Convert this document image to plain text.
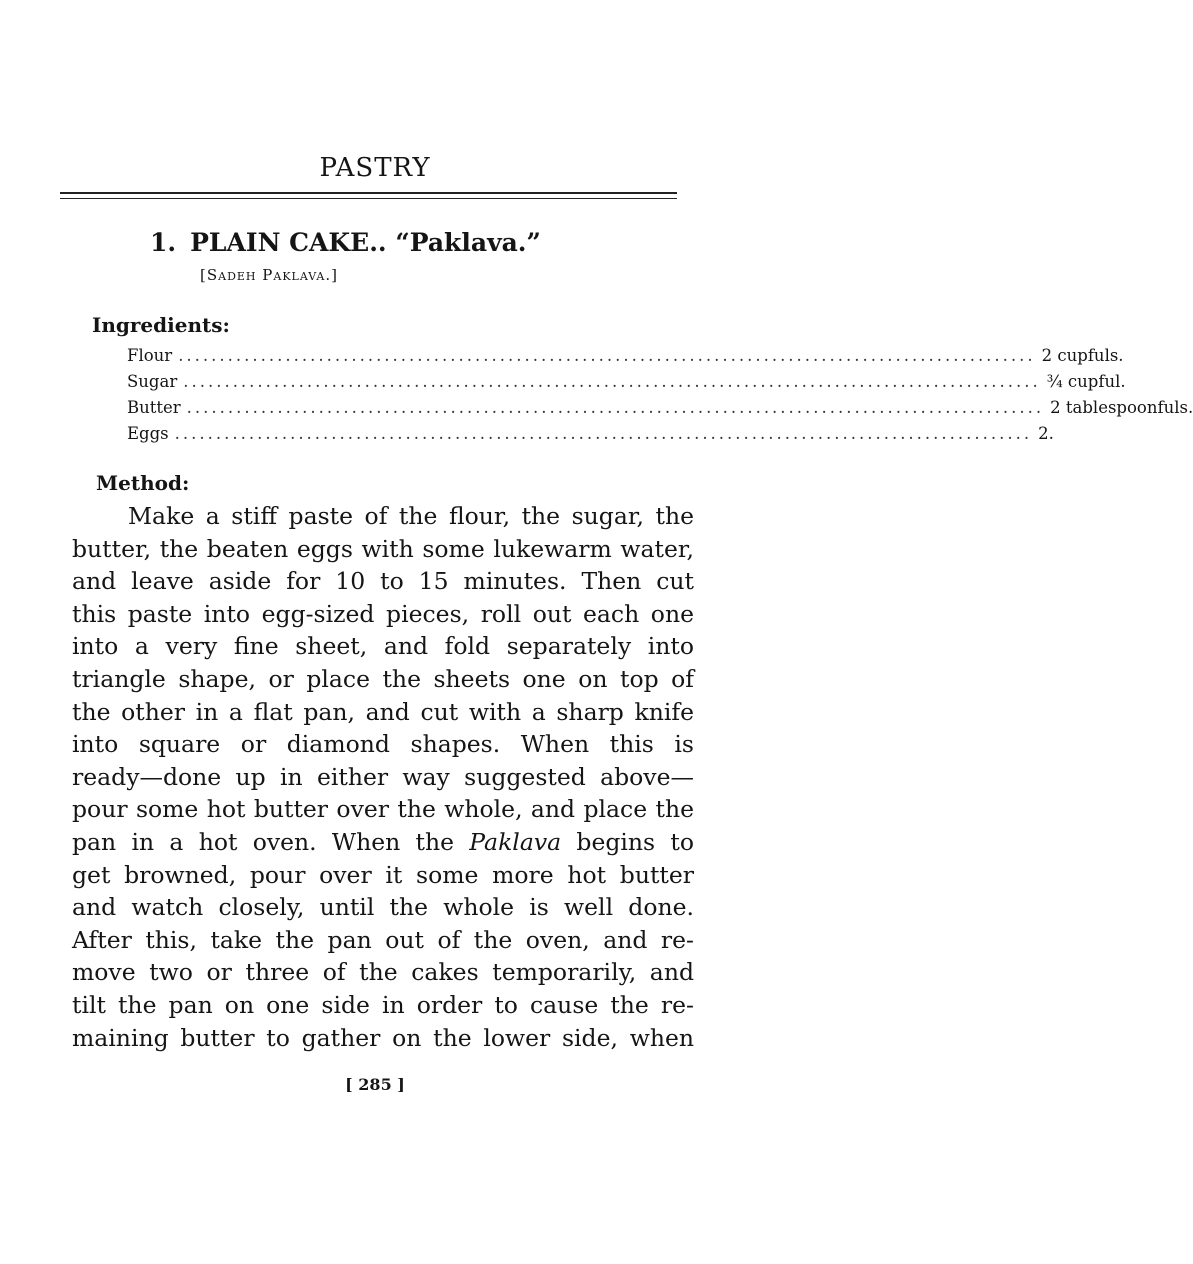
PASTRY
1. PLAIN CAKE.. “Paklava.”
[Sadeh Paklava.]
Ingredients:
Flour ........................................................................................................ 2 cupfuls.
Sugar ........................................................................................................ ¾ cupful.
Butter ........................................................................................................ 2 tablespoonfuls.
Eggs ........................................................................................................ 2.
Method:
Make a stiff paste of the flour, the sugar, the
butter, the beaten eggs with some lukewarm water,
and leave aside for 10 to 15 minutes. Then cut
this paste into egg-sized pieces, roll out each one
into a very fine sheet, and fold separately into
triangle shape, or place the sheets one on top of
the other in a flat pan, and cut with a sharp knife
into square or diamond shapes. When this is
ready—done up in either way suggested above—
pour some hot butter over the whole, and place the
pan in a hot oven. When the Paklava begins to
get browned, pour over it some more hot butter
and watch closely, until the whole is well done.
After this, take the pan out of the oven, and re-
move two or three of the cakes temporarily, and
tilt the pan on one side in order to cause the re-
maining butter to gather on the lower side, when
[ 285 ]
